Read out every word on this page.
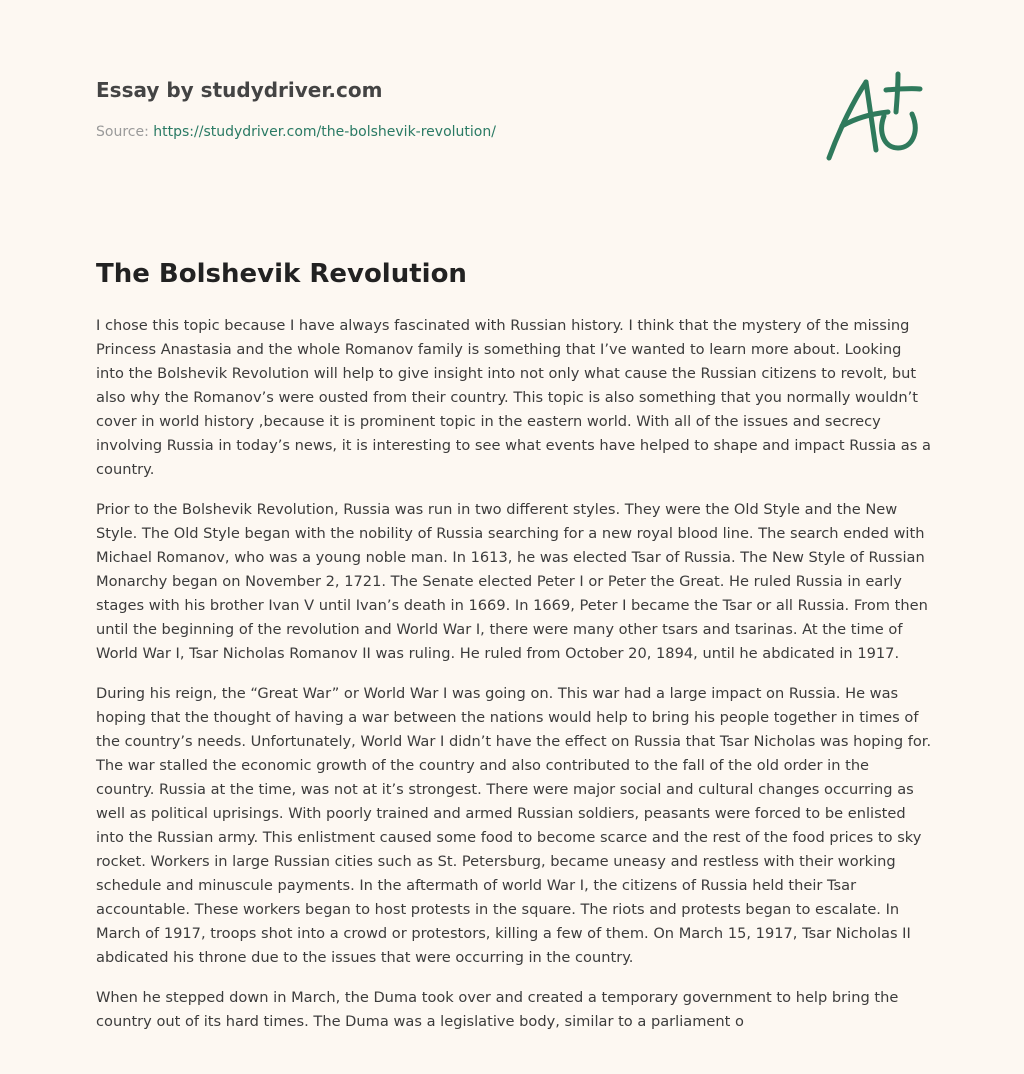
Essay by studydriver.com
Source: https://studydriver.com/the-bolshevik-revolution/
The Bolshevik Revolution

I chose this topic because I have always fascinated with Russian history. I think that the mystery of the missing Princess Anastasia and the whole Romanov family is something that I’ve wanted to learn more about. Looking into the Bolshevik Revolution will help to give insight into not only what cause the Russian citizens to revolt, but also why the Romanov’s were ousted from their country. This topic is also something that you normally wouldn’t cover in world history ,because it is prominent topic in the eastern world. With all of the issues and secrecy involving Russia in today’s news, it is interesting to see what events have helped to shape and impact Russia as a country.

Prior to the Bolshevik Revolution, Russia was run in two different styles. They were the Old Style and the New Style. The Old Style began with the nobility of Russia searching for a new royal blood line. The search ended with Michael Romanov, who was a young noble man. In 1613, he was elected Tsar of Russia. The New Style of Russian Monarchy began on November 2, 1721. The Senate elected Peter I or Peter the Great. He ruled Russia in early stages with his brother Ivan V until Ivan’s death in 1669. In 1669, Peter I became the Tsar or all Russia. From then until the beginning of the revolution and World War I, there were many other tsars and tsarinas. At the time of World War I, Tsar Nicholas Romanov II was ruling. He ruled from October 20, 1894, until he abdicated in 1917.

During his reign, the “Great War” or World War I was going on. This war had a large impact on Russia. He was hoping that the thought of having a war between the nations would help to bring his people together in times of the country’s needs. Unfortunately, World War I didn’t have the effect on Russia that Tsar Nicholas was hoping for. The war stalled the economic growth of the country and also contributed to the fall of the old order in the country. Russia at the time, was not at it’s strongest. There were major social and cultural changes occurring as well as political uprisings. With poorly trained and armed Russian soldiers, peasants were forced to be enlisted into the Russian army. This enlistment caused some food to become scarce and the rest of the food prices to sky rocket. Workers in large Russian cities such as St. Petersburg, became uneasy and restless with their working schedule and minuscule payments. In the aftermath of world War I, the citizens of Russia held their Tsar accountable. These workers began to host protests in the square. The riots and protests began to escalate. In March of 1917, troops shot into a crowd or protestors, killing a few of them. On March 15, 1917, Tsar Nicholas II abdicated his throne due to the issues that were occurring in the country.

When he stepped down in March, the Duma took over and created a temporary government to help bring the country out of its hard times. The Duma was a legislative body, similar to a parliament o
